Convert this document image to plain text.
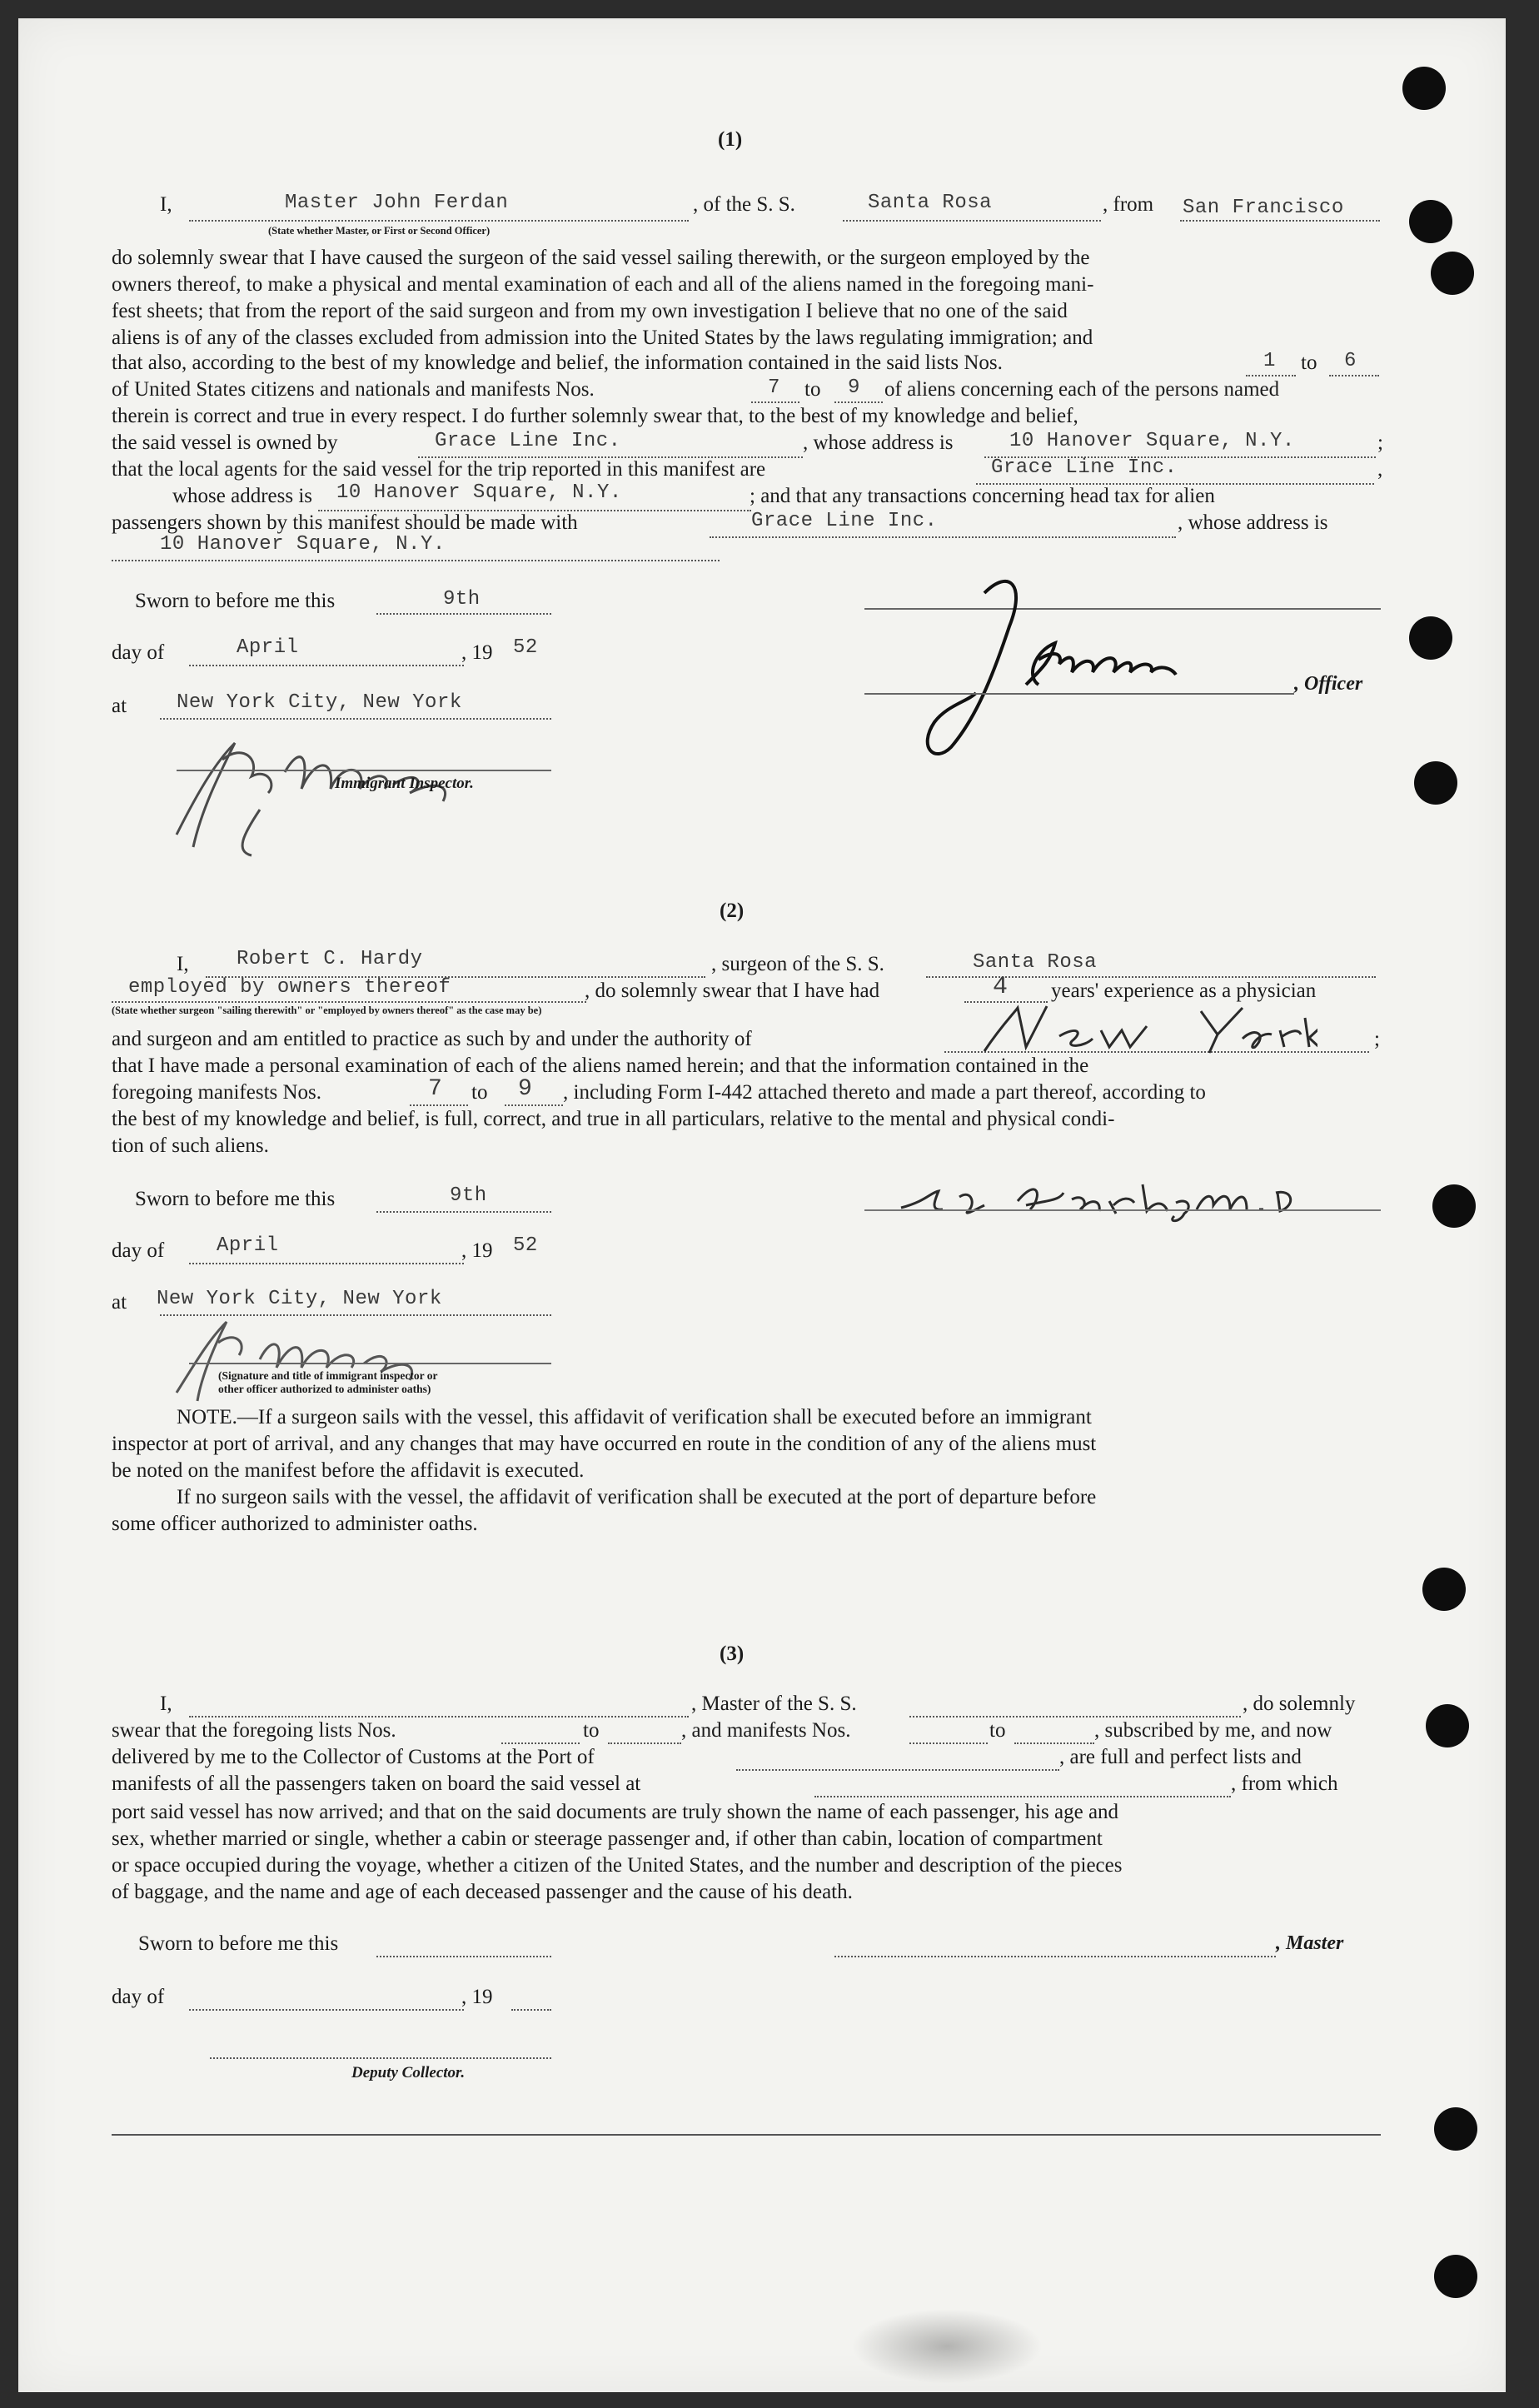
(1)
I,	Master John Ferdan
(State whether Master, or First or Second Officer)
, of the S. S.	Santa Rosa	, from San Francisco
do solemnly swear that I have caused the surgeon of the said vessel sailing therewith, or the surgeon employed by the
owners thereof, to make a physical and mental examination of each and all of the aliens named in the foregoing mani-
fest sheets; that from the report of the said surgeon and from my own investigation I believe that no one of the said
aliens is of any of the classes excluded from admission into the United States by the laws regulating immigration; and
that also, according to the best of my knowledge and belief, the information contained in the said lists Nos.	1 to 6
of United States citizens and nationals and manifests Nos.	7 to 9 of aliens concerning each of the persons named
therein is correct and true in every respect. I do further solemnly swear that, to the best of my knowledge and belief,
the said vessel is owned by	Grace Line Inc.	, whose address is	10 Hanover Square, N.Y.	;
that the local agents for the said vessel for the trip reported in this manifest are	Grace Line Inc.	,
whose address is 10 Hanover Square, N.Y.	; and that any transactions concerning head tax for alien
passengers shown by this manifest should be made with	Grace Line Inc.	, whose address is
10 Hanover Square, N.Y.
Sworn to before me this	9th
day of	April	, 19 52
at New York City, New York
Immigrant Inspector.
, Officer
(2)
I, Robert C. Hardy	, surgeon of the S. S.	Santa Rosa
employed by owners thereof	, do solemnly swear that I have had	4 years' experience as a physician
(State whether surgeon "sailing therewith" or "employed by owners thereof" as the case may be)
and surgeon and am entitled to practice as such by and under the authority of	;
that I have made a personal examination of each of the aliens named herein; and that the information contained in the
foregoing manifests Nos.	7 to 9 , including Form I-442 attached thereto and made a part thereof, according to
the best of my knowledge and belief, is full, correct, and true in all particulars, relative to the mental and physical condi-
tion of such aliens.
Sworn to before me this	9th
day of	April	, 19 52
at New York City, New York
(Signature and title of immigrant inspector or
other officer authorized to administer oaths)
NOTE.—If a surgeon sails with the vessel, this affidavit of verification shall be executed before an immigrant
inspector at port of arrival, and any changes that may have occurred en route in the condition of any of the aliens must
be noted on the manifest before the affidavit is executed.
If no surgeon sails with the vessel, the affidavit of verification shall be executed at the port of departure before
some officer authorized to administer oaths.
(3)
I,	, Master of the S. S.	, do solemnly
swear that the foregoing lists Nos.	to	, and manifests Nos.	to	, subscribed by me, and now
delivered by me to the Collector of Customs at the Port of	, are full and perfect lists and
manifests of all the passengers taken on board the said vessel at	, from which
port said vessel has now arrived; and that on the said documents are truly shown the name of each passenger, his age and
sex, whether married or single, whether a cabin or steerage passenger and, if other than cabin, location of compartment
or space occupied during the voyage, whether a citizen of the United States, and the number and description of the pieces
of baggage, and the name and age of each deceased passenger and the cause of his death.
Sworn to before me this	, Master
day of	, 19
Deputy Collector.
